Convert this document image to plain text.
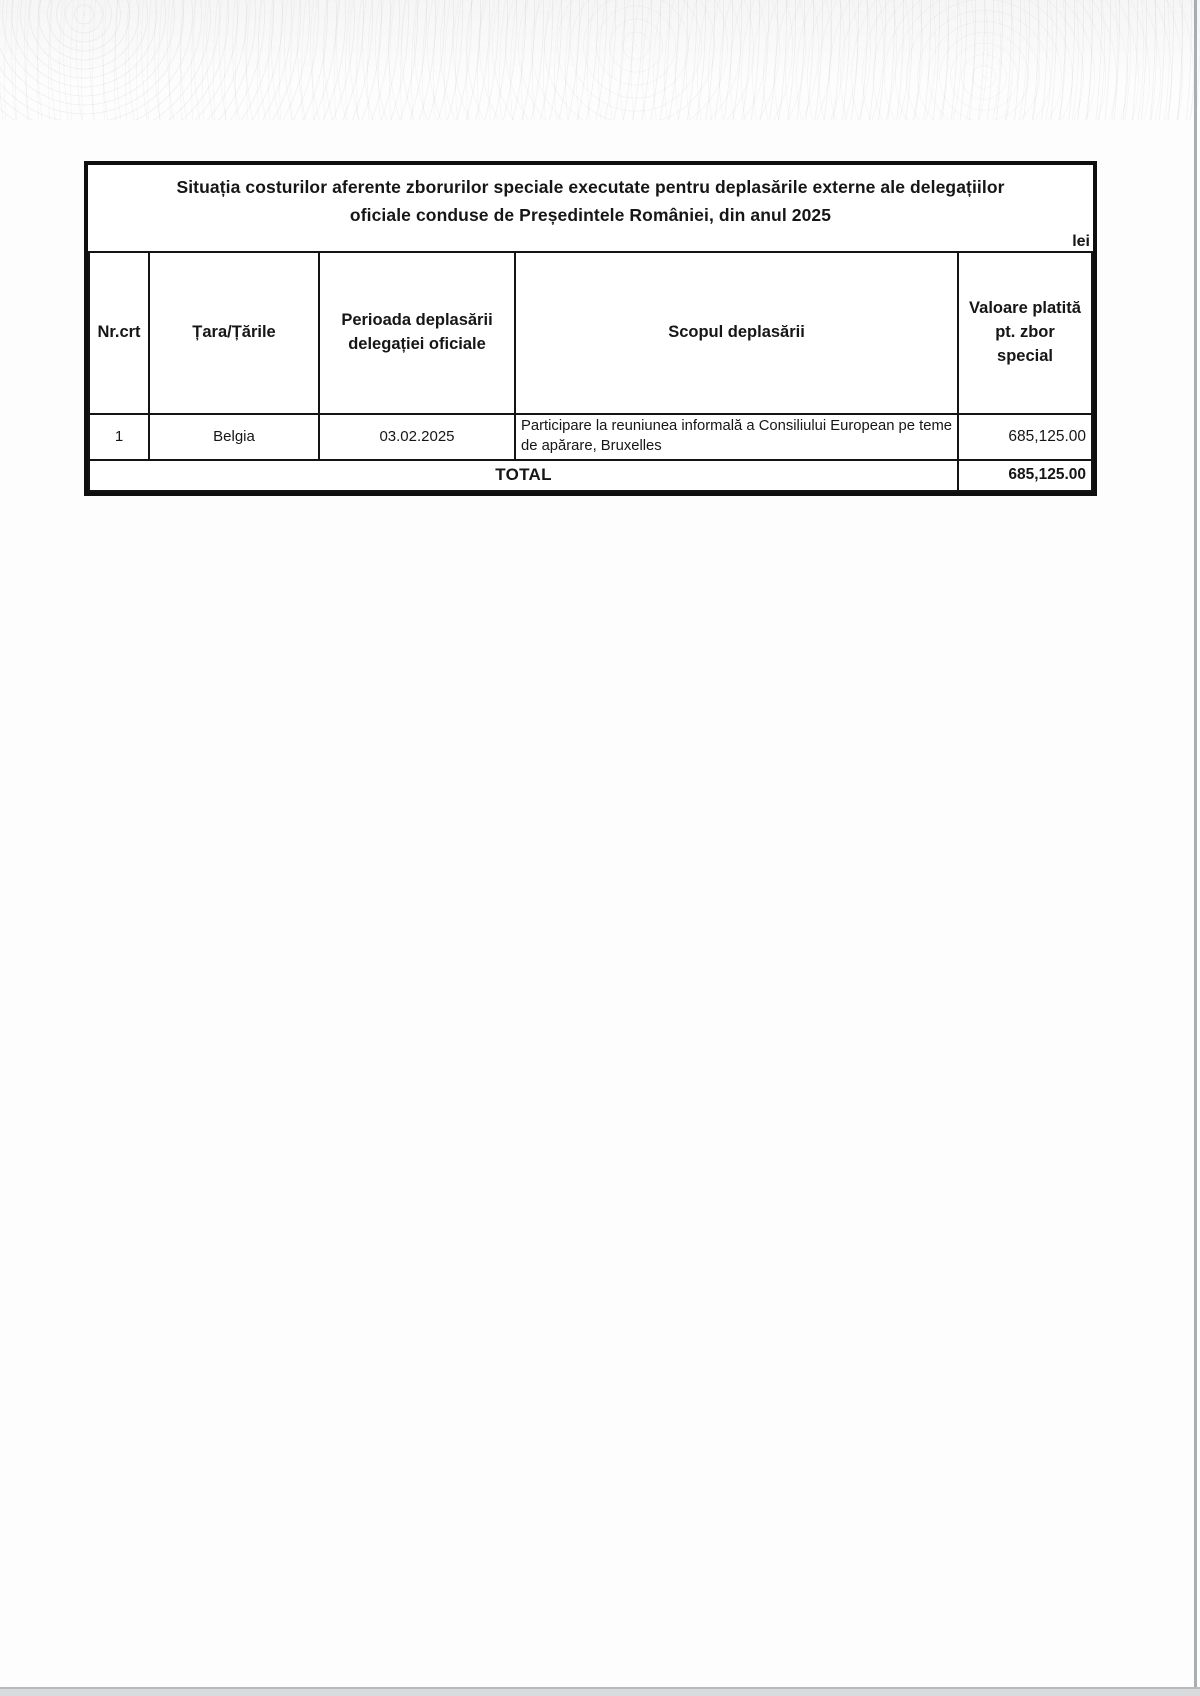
Situația costurilor aferente zborurilor speciale executate pentru deplasările externe ale delegațiilor
oficiale conduse de Președintele României, din anul 2025
lei
Nr.crt	Țara/Țările	Perioada deplasării delegației oficiale	Scopul deplasării	Valoare platită pt. zbor special
1	Belgia	03.02.2025	Participare la reuniunea informală a Consiliului European pe teme de apărare, Bruxelles	685,125.00
TOTAL				685,125.00
